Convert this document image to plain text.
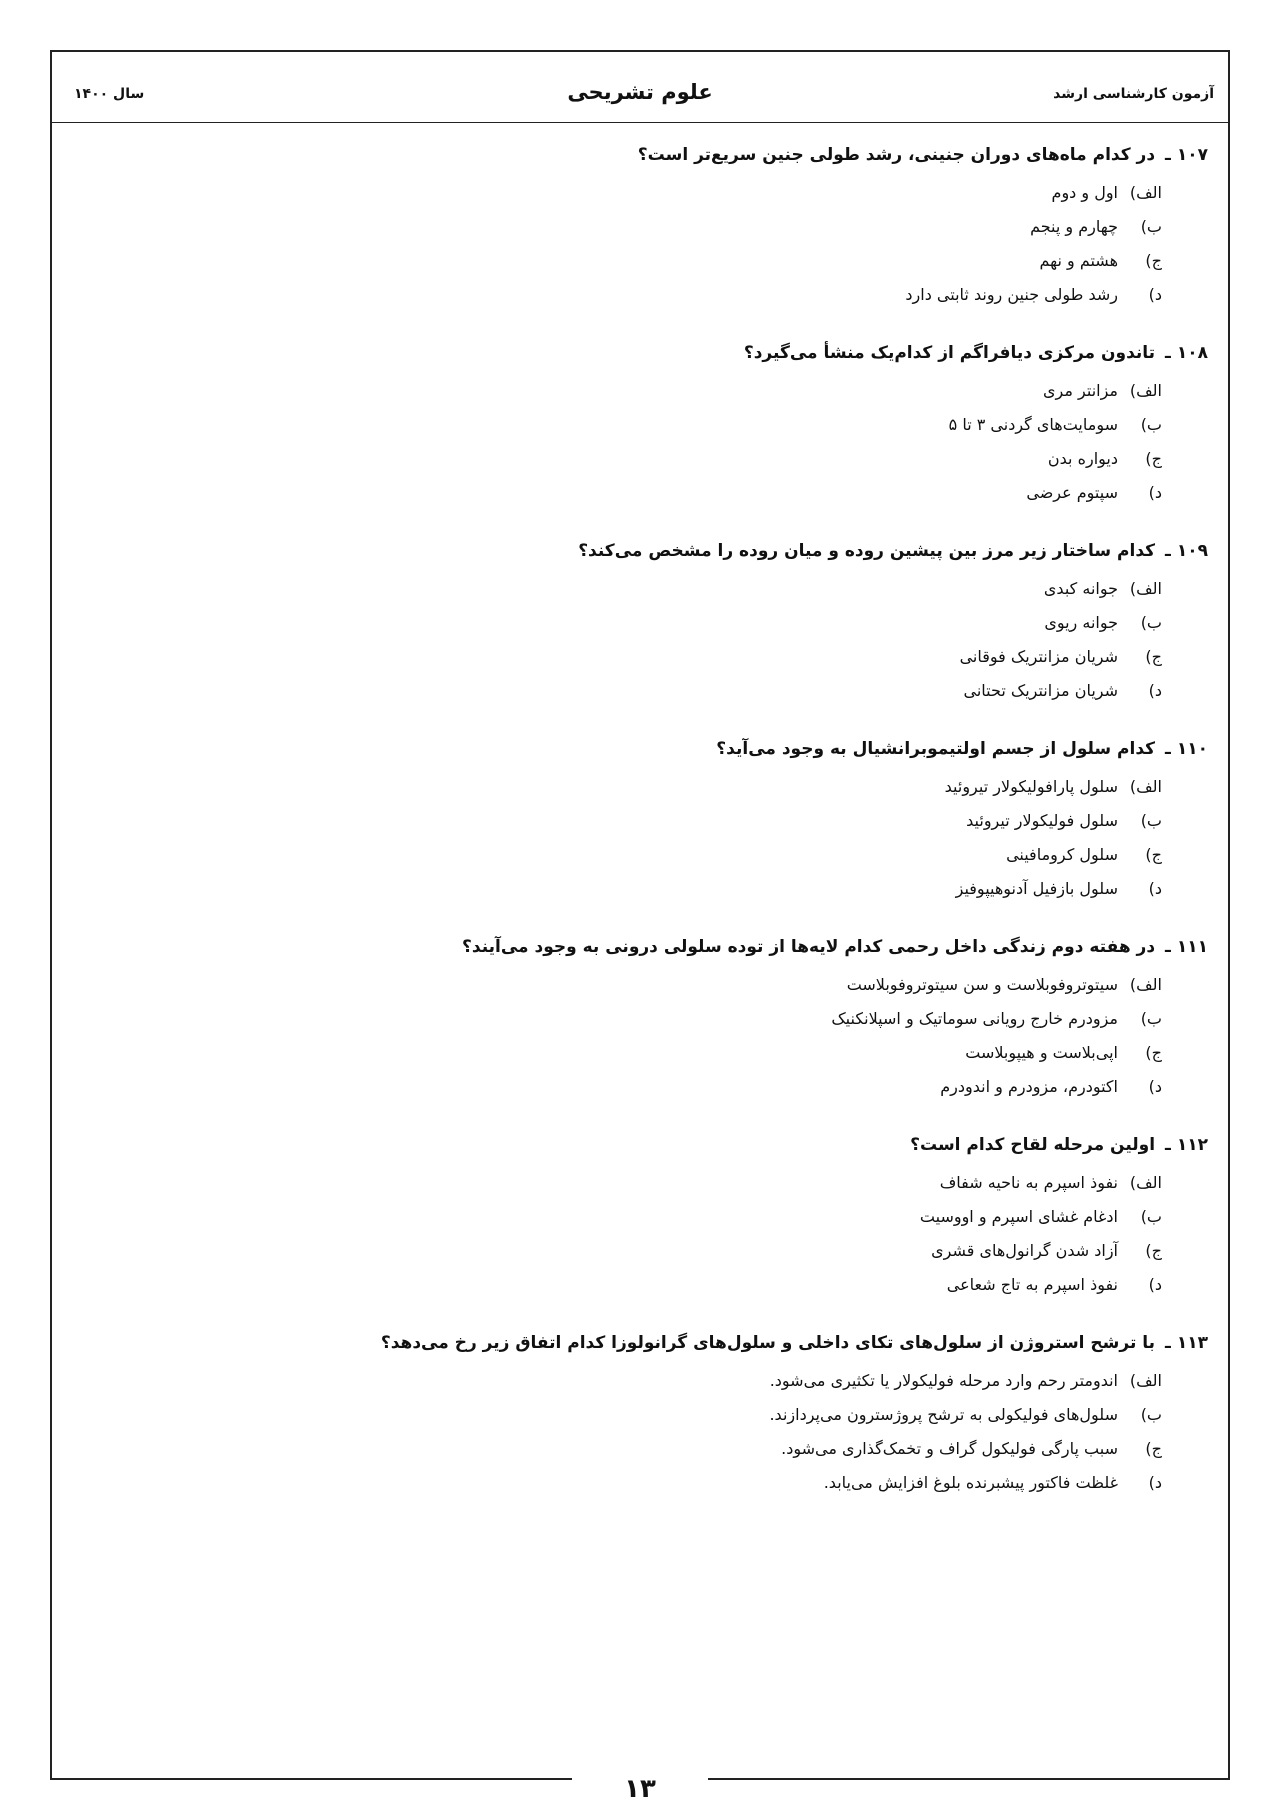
آزمون کارشناسی ارشد
علوم تشریحی
سال ۱۴۰۰
۱۰۷
ـ
در کدام ماه‌های دوران جنینی، رشد طولی جنین سریع‌تر است؟
الف)
اول و دوم
ب)
چهارم و پنجم
ج)
هشتم و نهم
د)
رشد طولی جنین روند ثابتی دارد
۱۰۸
ـ
تاندون مرکزی دیافراگم از کدام‌یک منشأ می‌گیرد؟
الف)
مزانتر مری
ب)
سومایت‌های گردنی ۳ تا ۵
ج)
دیواره بدن
د)
سپتوم عرضی
۱۰۹
ـ
کدام ساختار زیر مرز بین پیشین روده و میان روده را مشخص می‌کند؟
الف)
جوانه کبدی
ب)
جوانه ریوی
ج)
شریان مزانتریک فوقانی
د)
شریان مزانتریک تحتانی
۱۱۰
ـ
کدام سلول از جسم اولتیموبرانشیال به وجود می‌آید؟
الف)
سلول پارافولیکولار تیروئید
ب)
سلول فولیکولار تیروئید
ج)
سلول کرومافینی
د)
سلول بازفیل آدنوهیپوفیز
۱۱۱
ـ
در هفته دوم زندگی داخل رحمی کدام لایه‌ها از توده سلولی درونی به وجود می‌آیند؟
الف)
سیتوتروفوبلاست و سن سیتوتروفوبلاست
ب)
مزودرم خارج رویانی سوماتیک و اسپلانکنیک
ج)
اپی‌بلاست و هیپوبلاست
د)
اکتودرم، مزودرم و اندودرم
۱۱۲
ـ
اولین مرحله لقاح کدام است؟
الف)
نفوذ اسپرم به ناحیه شفاف
ب)
ادغام غشای اسپرم و اووسیت
ج)
آزاد شدن گرانول‌های قشری
د)
نفوذ اسپرم به تاج شعاعی
۱۱۳
ـ
با ترشح استروژن از سلول‌های تکای داخلی و سلول‌های گرانولوزا کدام اتفاق زیر رخ می‌دهد؟
الف)
اندومتر رحم وارد مرحله فولیکولار یا تکثیری می‌شود.
ب)
سلول‌های فولیکولی به ترشح پروژسترون می‌پردازند.
ج)
سبب پارگی فولیکول گراف و تخمک‌گذاری می‌شود.
د)
غلظت فاکتور پیشبرنده بلوغ افزایش می‌یابد.
۱۳
